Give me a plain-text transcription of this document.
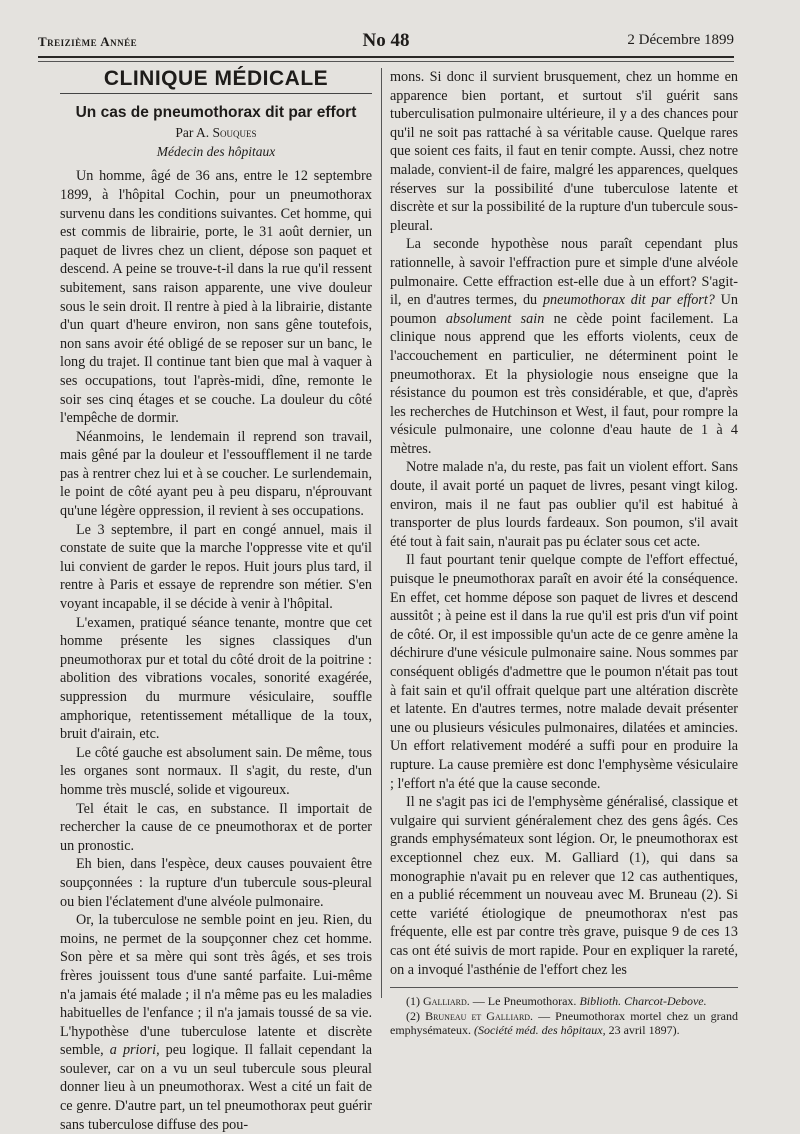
Treizième Année	No 48	2 Décembre 1899
CLINIQUE MÉDICALE
Un cas de pneumothorax dit par effort
Par A. Souques
Médecin des hôpitaux

Un homme, âgé de 36 ans, entre le 12 septembre 1899, à l'hôpital Cochin, pour un pneumothorax survenu dans les conditions suivantes. Cet homme, qui est commis de librairie, porte, le 31 août dernier, un paquet de livres chez un client, dépose son paquet et descend. A peine se trouve-t-il dans la rue qu'il ressent subitement, sans raison apparente, une vive douleur sous le sein droit. Il rentre à pied à la librairie, distante d'un quart d'heure environ, non sans gêne toutefois, non sans avoir été obligé de se reposer sur un banc, le long du trajet. Il continue tant bien que mal à vaquer à ses occupations, tout l'après-midi, dîne, remonte le soir ses cinq étages et se couche. La douleur du côté l'empêche de dormir.

Néanmoins, le lendemain il reprend son travail, mais gêné par la douleur et l'essoufflement il ne tarde pas à rentrer chez lui et à se coucher. Le surlendemain, le point de côté ayant peu à peu disparu, n'éprouvant qu'une légère oppression, il revient à ses occupations.

Le 3 septembre, il part en congé annuel, mais il constate de suite que la marche l'oppresse vite et qu'il lui convient de garder le repos. Huit jours plus tard, il rentre à Paris et essaye de reprendre son métier. S'en voyant incapable, il se décide à venir à l'hôpital.

L'examen, pratiqué séance tenante, montre que cet homme présente les signes classiques d'un pneumothorax pur et total du côté droit de la poitrine : abolition des vibrations vocales, sonorité exagérée, suppression du murmure vésiculaire, souffle amphorique, retentissement métallique de la toux, bruit d'airain, etc.

Le côté gauche est absolument sain. De même, tous les organes sont normaux. Il s'agit, du reste, d'un homme très musclé, solide et vigoureux.

Tel était le cas, en substance. Il importait de rechercher la cause de ce pneumothorax et de porter un pronostic.

Eh bien, dans l'espèce, deux causes pouvaient être soupçonnées : la rupture d'un tubercule sous-pleural ou bien l'éclatement d'une alvéole pulmonaire.

Or, la tuberculose ne semble point en jeu. Rien, du moins, ne permet de la soupçonner chez cet homme. Son père et sa mère qui sont très âgés, et ses trois frères jouissent tous d'une santé parfaite. Lui-même n'a jamais été malade ; il n'a même pas eu les maladies habituelles de l'enfance ; il n'a jamais toussé de sa vie. L'hypothèse d'une tuberculose latente et discrète semble, a priori, peu logique. Il fallait cependant la soulever, car on a vu un seul tubercule sous pleural donner lieu à un pneumothorax. West a cité un fait de ce genre. D'autre part, un tel pneumothorax peut guérir sans tuberculose diffuse des pou-

mons. Si donc il survient brusquement, chez un homme en apparence bien portant, et surtout s'il guérit sans tuberculisation pulmonaire ultérieure, il y a des chances pour qu'il ne soit pas rattaché à sa véritable cause. Quelque rares que soient ces faits, il faut en tenir compte. Aussi, chez notre malade, convient-il de faire, malgré les apparences, quelques réserves sur la possibilité d'une tuberculose latente et discrète et sur la possibilité de la rupture d'un tubercule sous-pleural.

La seconde hypothèse nous paraît cependant plus rationnelle, à savoir l'effraction pure et simple d'une alvéole pulmonaire. Cette effraction est-elle due à un effort? S'agit-il, en d'autres termes, du pneumothorax dit par effort? Un poumon absolument sain ne cède point facilement. La clinique nous apprend que les efforts violents, ceux de l'accouchement en particulier, ne déterminent point le pneumothorax. Et la physiologie nous enseigne que la résistance du poumon est très considérable, et que, d'après les recherches de Hutchinson et West, il faut, pour rompre la vésicule pulmonaire, une colonne d'eau haute de 1 à 4 mètres.

Notre malade n'a, du reste, pas fait un violent effort. Sans doute, il avait porté un paquet de livres, pesant vingt kilog. environ, mais il ne faut pas oublier qu'il est habitué à transporter de plus lourds fardeaux. Son poumon, s'il avait été tout à fait sain, n'aurait pas pu éclater sous cet acte.

Il faut pourtant tenir quelque compte de l'effort effectué, puisque le pneumothorax paraît en avoir été la conséquence. En effet, cet homme dépose son paquet de livres et descend aussitôt ; à peine est il dans la rue qu'il est pris d'un vif point de côté. Or, il est impossible qu'un acte de ce genre amène la déchirure d'une vésicule pulmonaire saine. Nous sommes par conséquent obligés d'admettre que le poumon n'était pas tout à fait sain et qu'il offrait quelque part une altération discrète et latente. En d'autres termes, notre malade devait présenter une ou plusieurs vésicules pulmonaires, dilatées et amincies. Un effort relativement modéré a suffi pour en produire la rupture. La cause première est donc l'emphysème vésiculaire ; l'effort n'a été que la cause seconde.

Il ne s'agit pas ici de l'emphysème généralisé, classique et vulgaire qui survient généralement chez des gens âgés. Ces grands emphysémateux sont légion. Or, le pneumothorax est exceptionnel chez eux. M. Galliard (1), qui dans sa monographie n'avait pu en relever que 12 cas authentiques, en a publié récemment un nouveau avec M. Bruneau (2). Si cette variété étiologique de pneumothorax n'est pas fréquente, elle est par contre très grave, puisque 9 de ces 13 cas ont été suivis de mort rapide. Pour en expliquer la rareté, on a invoqué l'asthénie de l'effort chez les

(1) Galliard. — Le Pneumothorax. Biblioth. Charcot-Debove.

(2) Bruneau et Galliard. — Pneumothorax mortel chez un grand emphysémateux. (Société méd. des hôpitaux, 23 avril 1897).
